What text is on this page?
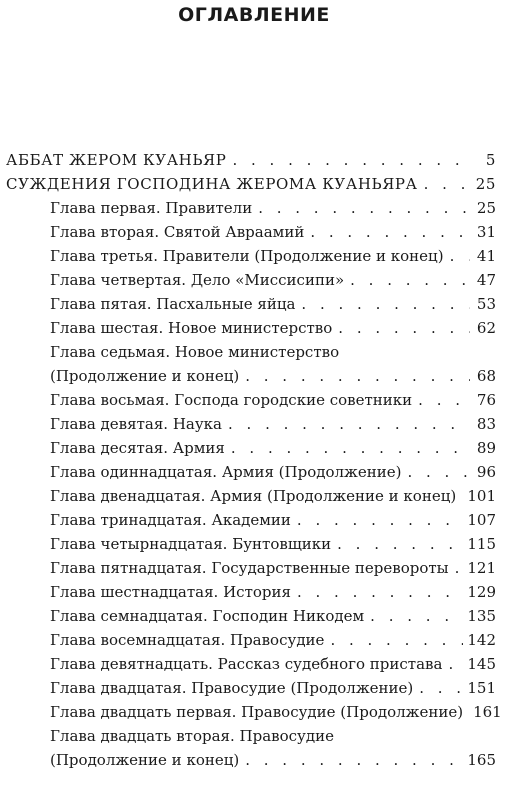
ОГЛАВЛЕНИЕ
АББАТ ЖЕРОМ КУАНЬЯР . . .	5
СУЖДЕНИЯ ГОСПОДИНА ЖЕРОМА КУАНЬЯРА . . .	25
Глава первая. Правители . . .	25
Глава вторая. Святой Авраамий . . .	31
Глава третья. Правители (Продолжение и конец) . . .	41
Глава четвертая. Дело «Миссисипи» . . .	47
Глава пятая. Пасхальные яйца . . .	53
Глава шестая. Новое министерство . . .	62
Глава седьмая. Новое министерство
(Продолжение и конец) . . .	68
Глава восьмая. Господа городские советники . . .	76
Глава девятая. Наука . . .	83
Глава десятая. Армия . . .	89
Глава одиннадцатая. Армия (Продолжение) . . .	96
Глава двенадцатая. Армия (Продолжение и конец) . . . 101
Глава тринадцатая. Академии . . .	107
Глава четырнадцатая. Бунтовщики . . .	115
Глава пятнадцатая. Государственные перевороты . . . 121
Глава шестнадцатая. История . . .	129
Глава семнадцатая. Господин Никодем . . .	135
Глава восемнадцатая. Правосудие . . .	142
Глава девятнадцать. Рассказ судебного пристава . . . 145
Глава двадцатая. Правосудие (Продолжение) . . .	151
Глава двадцать первая. Правосудие (Продолжение) . . . 161
Глава двадцать вторая. Правосудие
(Продолжение и конец) . . .	165
